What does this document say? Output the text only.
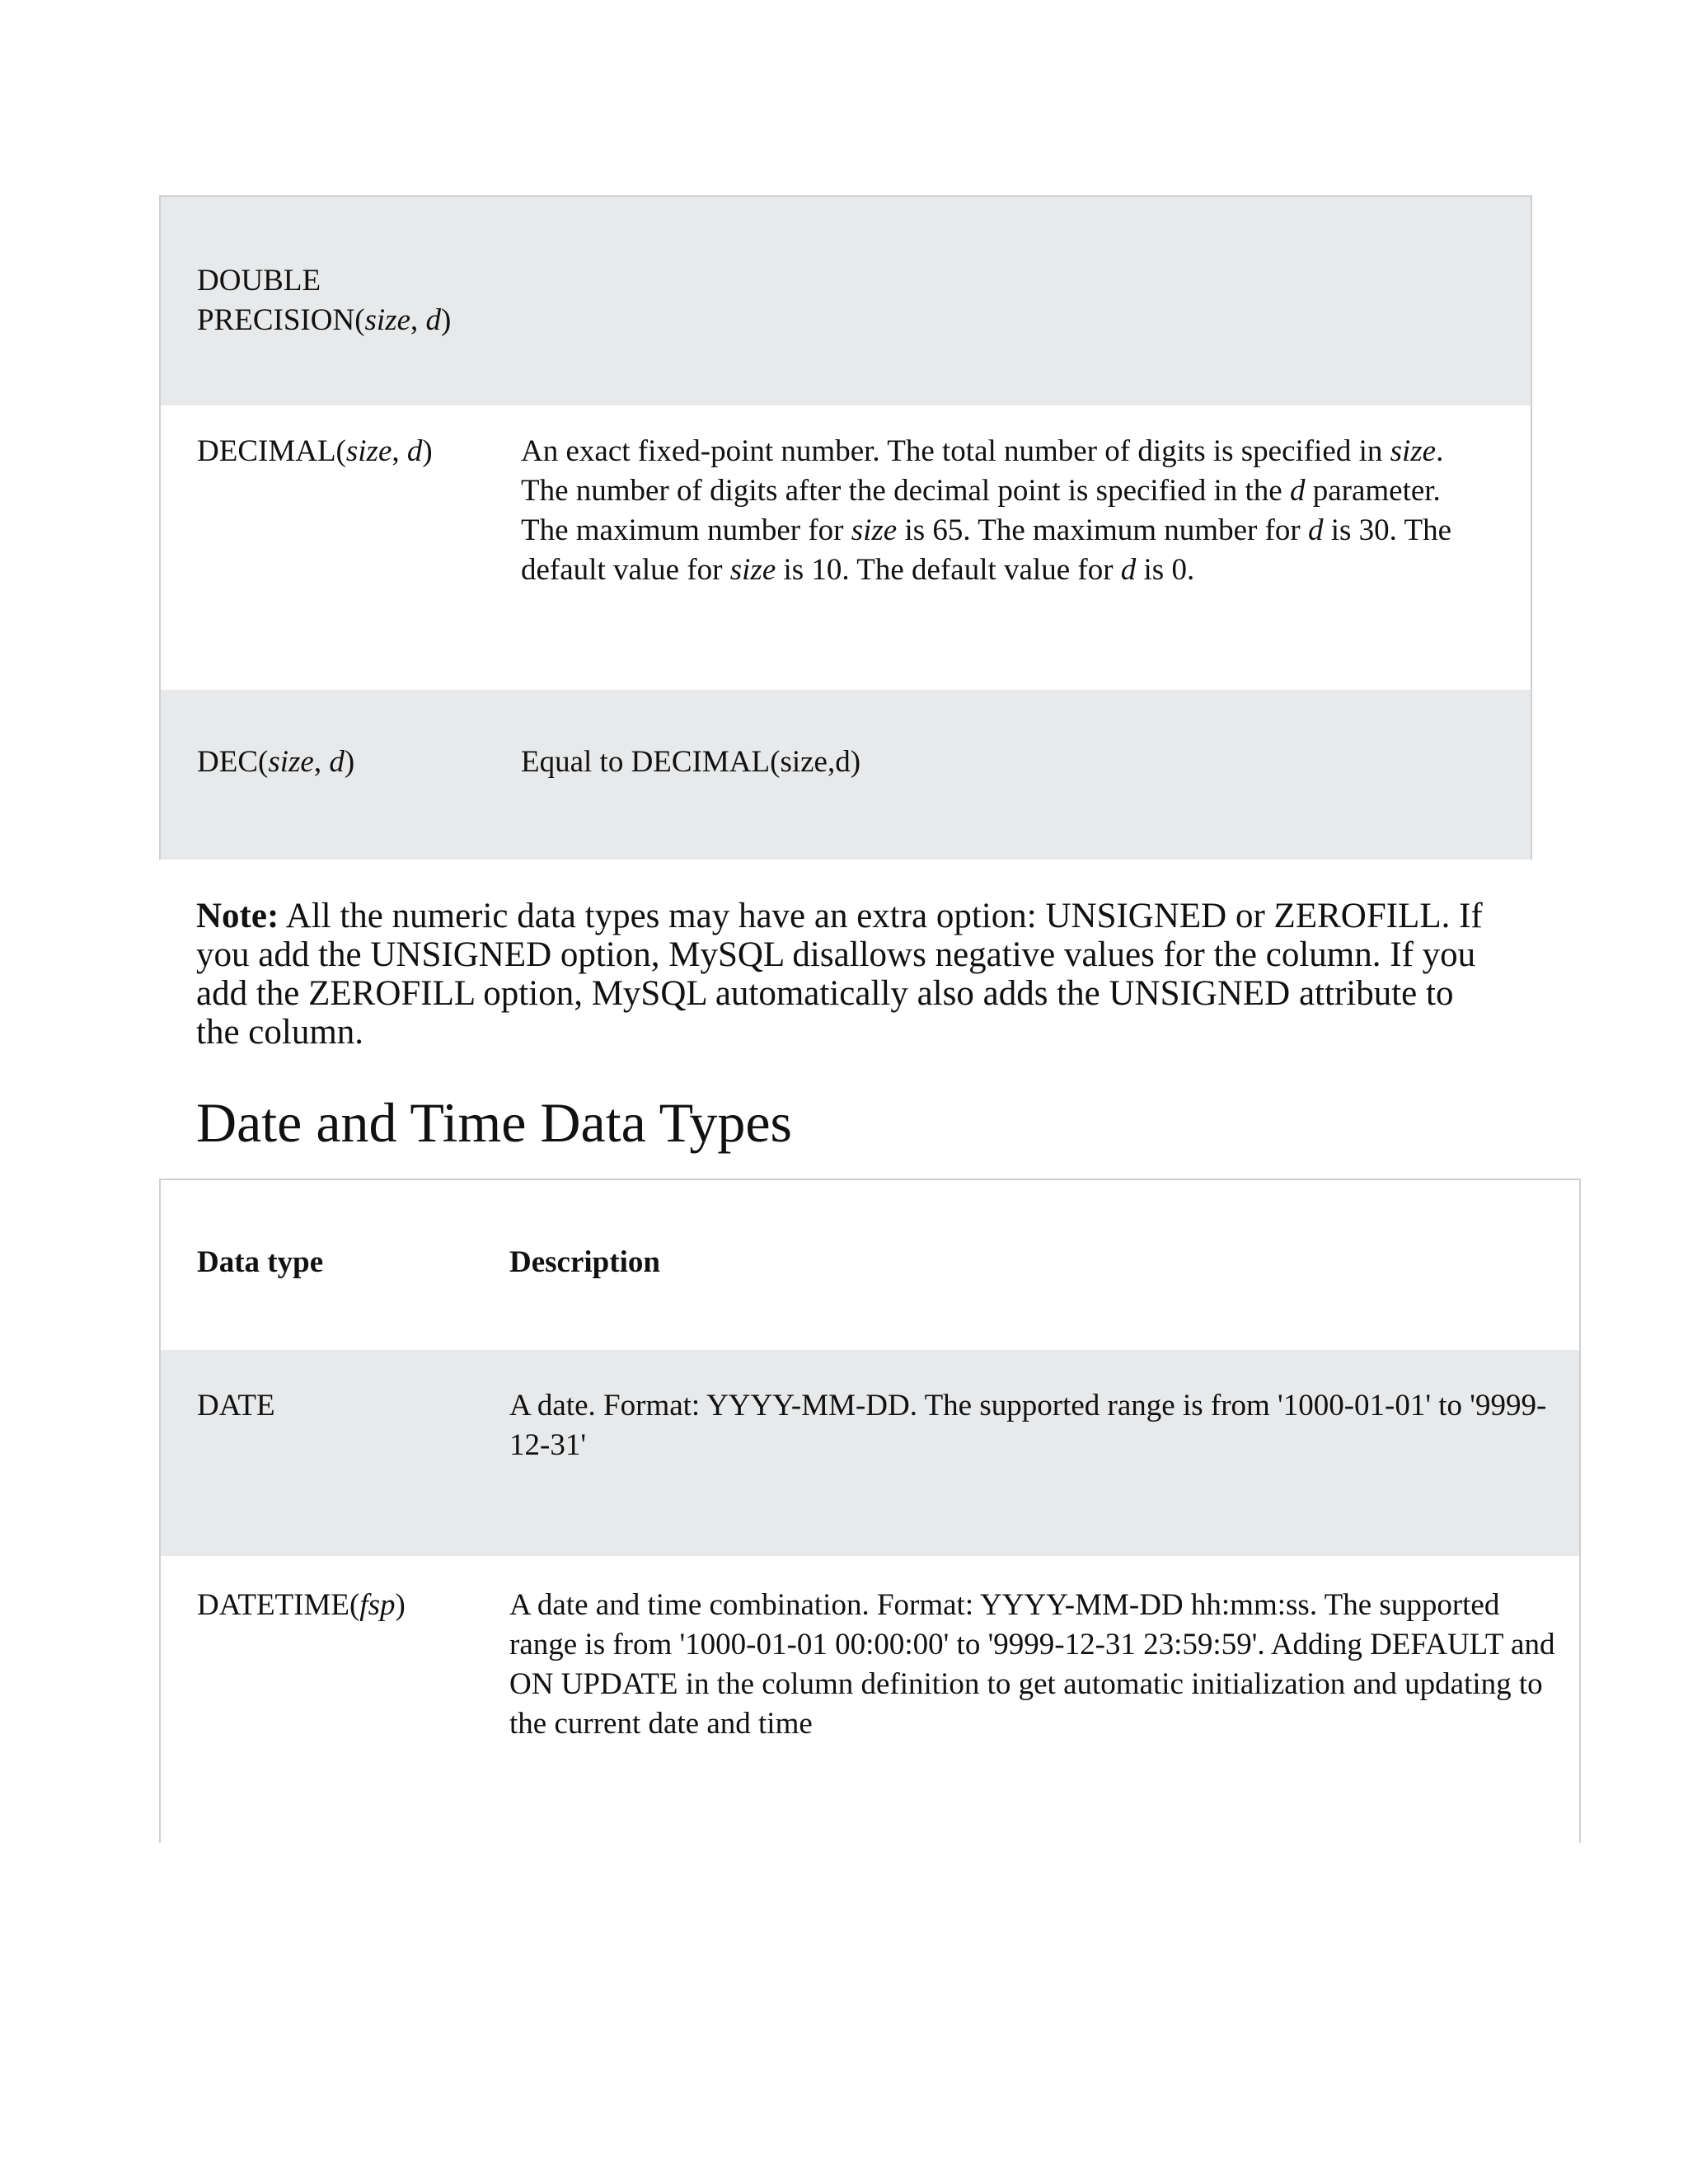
DOUBLE
PRECISION(size, d)
DECIMAL(size, d)	An exact fixed-point number. The total number of digits is specified in size. The number of digits after the decimal point is specified in the d parameter. The maximum number for size is 65. The maximum number for d is 30. The default value for size is 10. The default value for d is 0.
DEC(size, d)	Equal to DECIMAL(size,d)
Note: All the numeric data types may have an extra option: UNSIGNED or ZEROFILL. If you add the UNSIGNED option, MySQL disallows negative values for the column. If you add the ZEROFILL option, MySQL automatically also adds the UNSIGNED attribute to the column.
Date and Time Data Types
Data type	Description
DATE	A date. Format: YYYY-MM-DD. The supported range is from '1000-01-01' to '9999-12-31'
DATETIME(fsp)	A date and time combination. Format: YYYY-MM-DD hh:mm:ss. The supported range is from '1000-01-01 00:00:00' to '9999-12-31 23:59:59'. Adding DEFAULT and ON UPDATE in the column definition to get automatic initialization and updating to the current date and time
